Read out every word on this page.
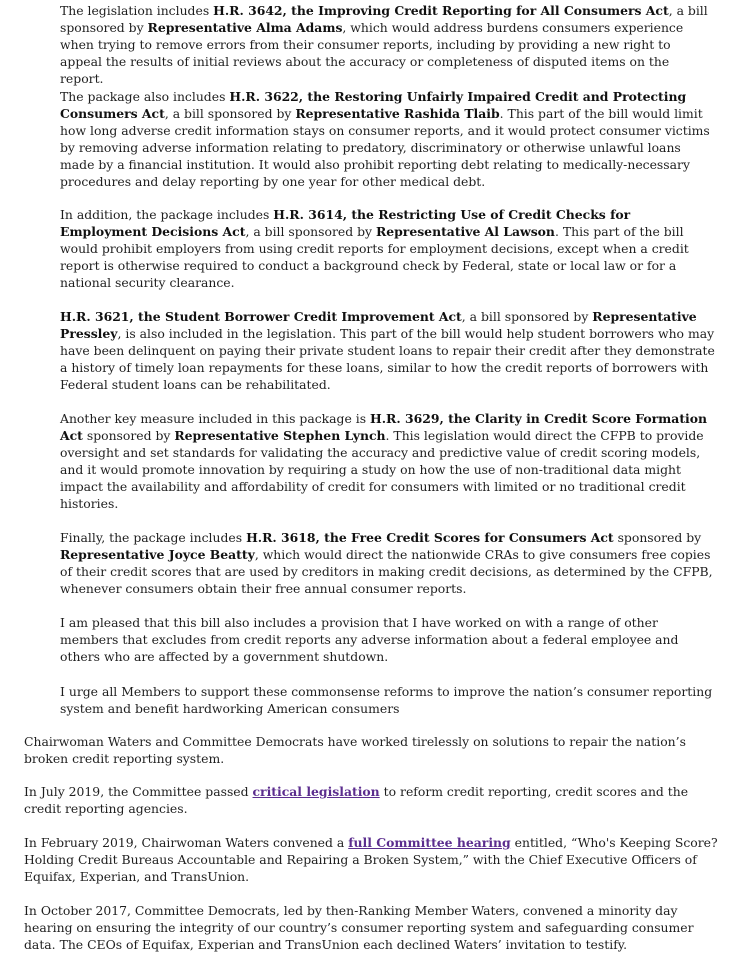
The legislation includes H.R. 3642, the Improving Credit Reporting for All Consumers Act, a bill sponsored by Representative Alma Adams, which would address burdens consumers experience when trying to remove errors from their consumer reports, including by providing a new right to appeal the results of initial reviews about the accuracy or completeness of disputed items on the report.

The package also includes H.R. 3622, the Restoring Unfairly Impaired Credit and Protecting Consumers Act, a bill sponsored by Representative Rashida Tlaib. This part of the bill would limit how long adverse credit information stays on consumer reports, and it would protect consumer victims by removing adverse information relating to predatory, discriminatory or otherwise unlawful loans made by a financial institution. It would also prohibit reporting debt relating to medically-necessary procedures and delay reporting by one year for other medical debt.

In addition, the package includes H.R. 3614, the Restricting Use of Credit Checks for Employment Decisions Act, a bill sponsored by Representative Al Lawson. This part of the bill would prohibit employers from using credit reports for employment decisions, except when a credit report is otherwise required to conduct a background check by Federal, state or local law or for a national security clearance.

H.R. 3621, the Student Borrower Credit Improvement Act, a bill sponsored by Representative Pressley, is also included in the legislation. This part of the bill would help student borrowers who may have been delinquent on paying their private student loans to repair their credit after they demonstrate a history of timely loan repayments for these loans, similar to how the credit reports of borrowers with Federal student loans can be rehabilitated.

Another key measure included in this package is H.R. 3629, the Clarity in Credit Score Formation Act sponsored by Representative Stephen Lynch. This legislation would direct the CFPB to provide oversight and set standards for validating the accuracy and predictive value of credit scoring models, and it would promote innovation by requiring a study on how the use of non-traditional data might impact the availability and affordability of credit for consumers with limited or no traditional credit histories.

Finally, the package includes H.R. 3618, the Free Credit Scores for Consumers Act sponsored by Representative Joyce Beatty, which would direct the nationwide CRAs to give consumers free copies of their credit scores that are used by creditors in making credit decisions, as determined by the CFPB, whenever consumers obtain their free annual consumer reports.

I am pleased that this bill also includes a provision that I have worked on with a range of other members that excludes from credit reports any adverse information about a federal employee and others who are affected by a government shutdown.

I urge all Members to support these commonsense reforms to improve the nation’s consumer reporting system and benefit hardworking American consumers

Chairwoman Waters and Committee Democrats have worked tirelessly on solutions to repair the nation’s broken credit reporting system.

In July 2019, the Committee passed critical legislation to reform credit reporting, credit scores and the credit reporting agencies.

In February 2019, Chairwoman Waters convened a full Committee hearing entitled, “Who's Keeping Score? Holding Credit Bureaus Accountable and Repairing a Broken System,” with the Chief Executive Officers of Equifax, Experian, and TransUnion.

In October 2017, Committee Democrats, led by then-Ranking Member Waters, convened a minority day hearing on ensuring the integrity of our country’s consumer reporting system and safeguarding consumer data. The CEOs of Equifax, Experian and TransUnion each declined Waters’ invitation to testify.
